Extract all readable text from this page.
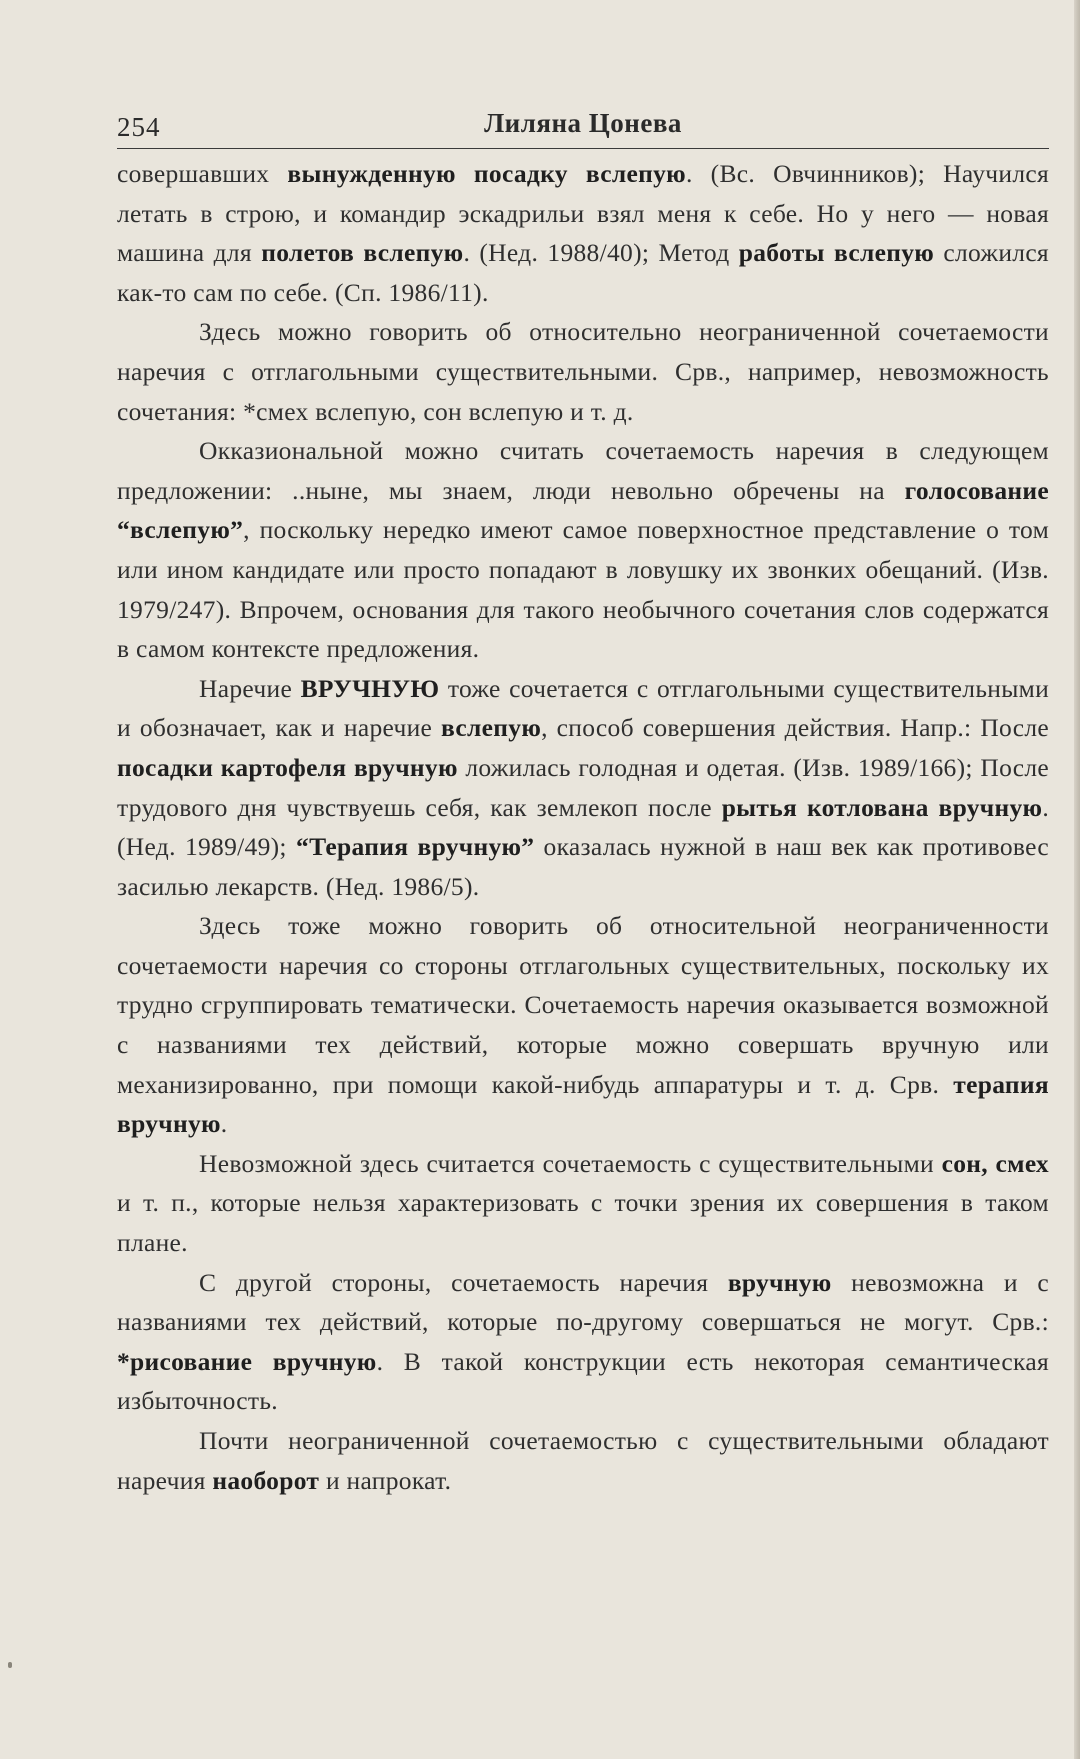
254	Лиляна Цонева

совершавших вынужденную посадку вслепую. (Вс. Овчинников); Научился летать в строю, и командир эскадрильи взял меня к себе. Но у него — новая машина для полетов вслепую. (Нед. 1988/40); Метод работы вслепую сложился как-то сам по себе. (Сп. 1986/11).

Здесь можно говорить об относительно неограниченной сочетаемости наречия с отглагольными существительными. Срв., например, невозможность сочетания: *смех вслепую, сон вслепую и т. д.

Окказиональной можно считать сочетаемость наречия в следующем предложении: ..ныне, мы знаем, люди невольно обречены на голосование “вслепую”, поскольку нередко имеют самое поверхностное представление о том или ином кандидате или просто попадают в ловушку их звонких обещаний. (Изв. 1979/247). Впрочем, основания для такого необычного сочетания слов содержатся в самом контексте предложения.

Наречие ВРУЧНУЮ тоже сочетается с отглагольными существительными и обозначает, как и наречие вслепую, способ совершения действия. Напр.: После посадки картофеля вручную ложилась голодная и одетая. (Изв. 1989/166); После трудового дня чувствуешь себя, как землекоп после рытья котлована вручную. (Нед. 1989/49); “Терапия вручную” оказалась нужной в наш век как противовес засилью лекарств. (Нед. 1986/5).

Здесь тоже можно говорить об относительной неограниченности сочетаемости наречия со стороны отглагольных существительных, поскольку их трудно сгруппировать тематически. Сочетаемость наречия оказывается возможной с названиями тех действий, которые можно совершать вручную или механизированно, при помощи какой-нибудь аппаратуры и т. д. Срв. терапия вручную.

Невозможной здесь считается сочетаемость с существительными сон, смех и т. п., которые нельзя характеризовать с точки зрения их совершения в таком плане.

С другой стороны, сочетаемость наречия вручную невозможна и с названиями тех действий, которые по-другому совершаться не могут. Срв.: *рисование вручную. В такой конструкции есть некоторая семантическая избыточность.

Почти неограниченной сочетаемостью с существительными обладают наречия наоборот и напрокат.
